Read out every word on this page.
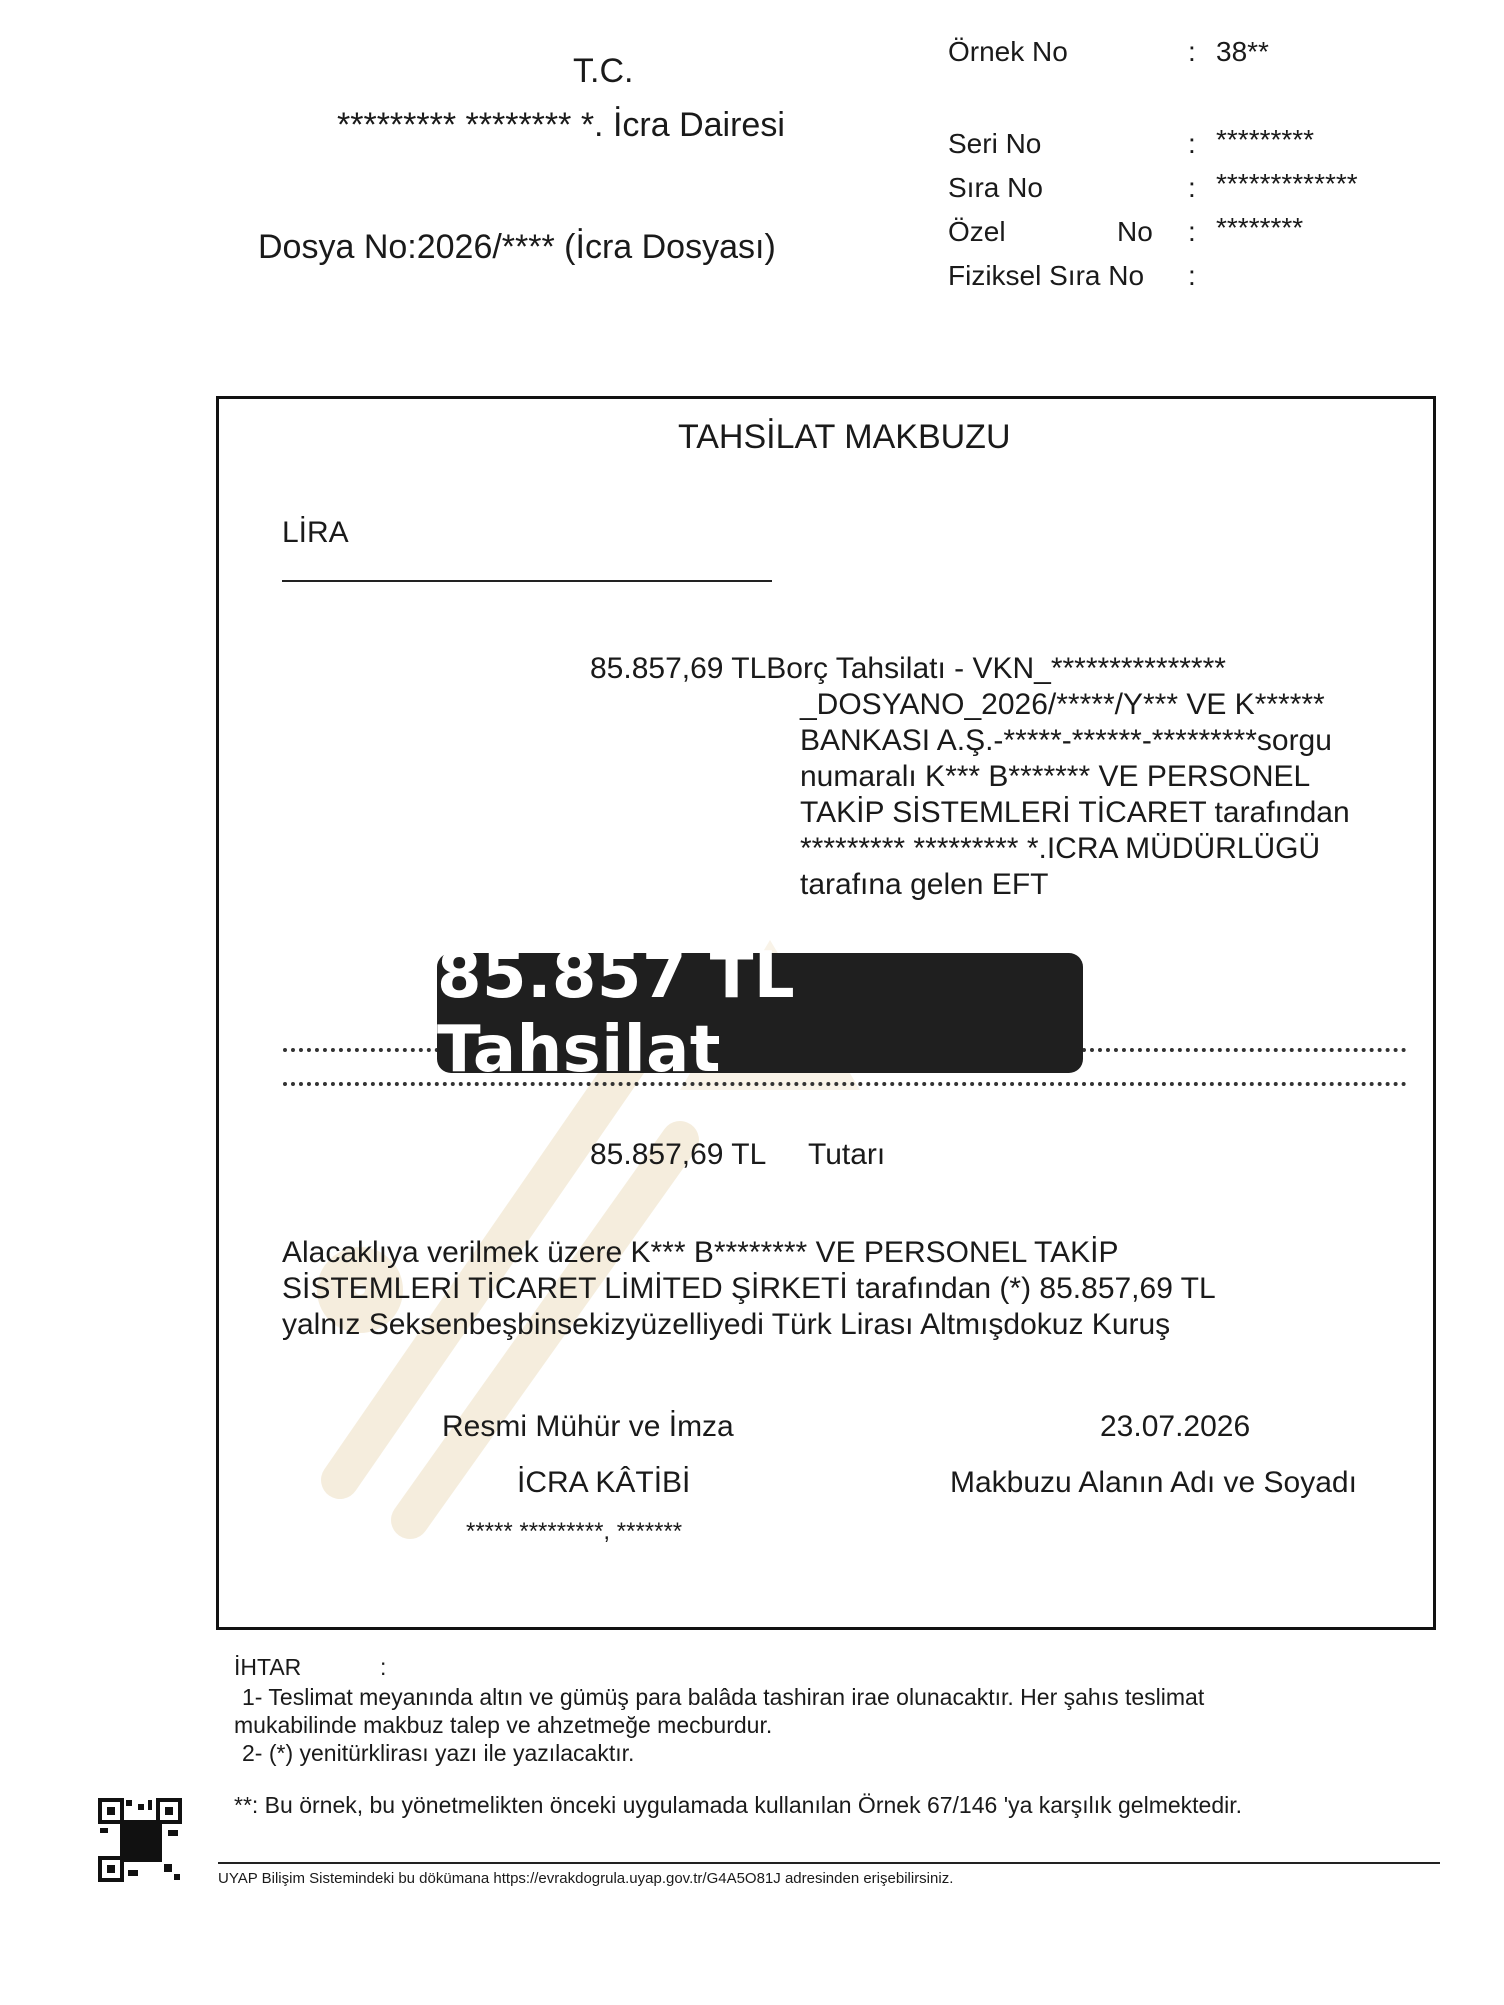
T.C.
********* ******** *. İcra Dairesi
Dosya No:2026/**** (İcra Dosyası)
Örnek No	: 38**
Seri No	: *********
Sıra No	: *************
Özel	No : ********
Fiziksel Sıra No :
TAHSİLAT MAKBUZU
LİRA
85.857,69 TLBorç Tahsilatı - VKN_***************
_DOSYANO_2026/*****/Y*** VE K******
BANKASI A.Ş.-*****-******-*********sorgu
numaralı K*** B******* VE PERSONEL
TAKİP SİSTEMLERİ TİCARET tarafından
********* ********* *.ICRA MÜDÜRLÜGÜ
tarafına gelen EFT
85.857 TL Tahsilat
85.857,69 TL Tutarı
Alacaklıya verilmek üzere K*** B******** VE PERSONEL TAKİP
SİSTEMLERİ TİCARET LİMİTED ŞİRKETİ tarafından (*) 85.857,69 TL
yalnız Seksenbeşbinsekizyüzelliyedi Türk Lirası Altmışdokuz Kuruş
Resmi Mühür ve İmza
İCRA KÂTİBİ
***** *********, *******
23.07.2026
Makbuzu Alanın Adı ve Soyadı
İHTAR	:
1- Teslimat meyanında altın ve gümüş para balâda tashiran irae olunacaktır. Her şahıs teslimat
mukabilinde makbuz talep ve ahzetmeğe mecburdur.
2- (*) yenitürklirası yazı ile yazılacaktır.
**: Bu örnek, bu yönetmelikten önceki uygulamada kullanılan Örnek 67/146 'ya karşılık gelmektedir.
UYAP Bilişim Sistemindeki bu dökümana https://evrakdogrula.uyap.gov.tr/G4A5O81J adresinden erişebilirsiniz.
